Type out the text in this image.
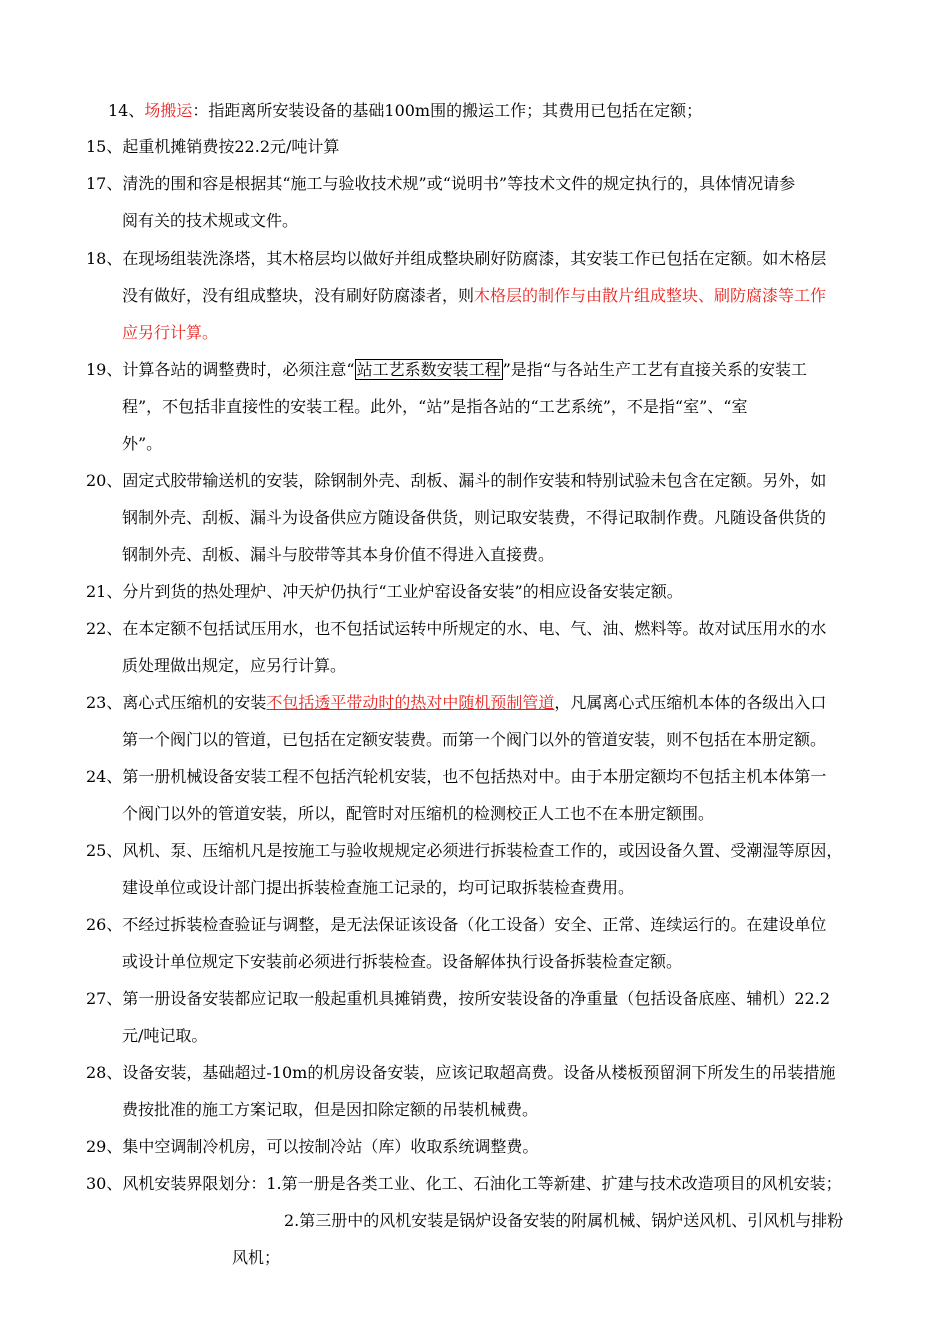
14、场搬运：指距离所安装设备的基础100m围的搬运工作；其费用已包括在定额；
15、起重机摊销费按22.2元/吨计算
17、清洗的围和容是根据其“施工与验收技术规”或“说明书”等技术文件的规定执行的，具体情况请参
阅有关的技术规或文件。
18、在现场组装洗涤塔，其木格层均以做好并组成整块刷好防腐漆，其安装工作已包括在定额。如木格层
没有做好，没有组成整块，没有刷好防腐漆者，则木格层的制作与由散片组成整块、刷防腐漆等工作
应另行计算。
19、计算各站的调整费时，必须注意“ 站工艺系数安装工程 ”是指“与各站生产工艺有直接关系的安装工
程”，不包括非直接性的安装工程。此外，“站”是指各站的“工艺系统”，不是指“室”、“室
外”。
20、固定式胶带输送机的安装，除钢制外壳、刮板、漏斗的制作安装和特别试验未包含在定额。另外，如
钢制外壳、刮板、漏斗为设备供应方随设备供货，则记取安装费，不得记取制作费。凡随设备供货的
钢制外壳、刮板、漏斗与胶带等其本身价值不得进入直接费。
21、分片到货的热处理炉、冲天炉仍执行“工业炉窑设备安装”的相应设备安装定额。
22、在本定额不包括试压用水，也不包括试运转中所规定的水、电、气、油、燃料等。故对试压用水的水
质处理做出规定，应另行计算。
23、离心式压缩机的安装不包括透平带动时的热对中随机预制管道，凡属离心式压缩机本体的各级出入口
第一个阀门以的管道，已包括在定额安装费。而第一个阀门以外的管道安装，则不包括在本册定额。
24、第一册机械设备安装工程不包括汽轮机安装，也不包括热对中。由于本册定额均不包括主机本体第一
个阀门以外的管道安装，所以，配管时对压缩机的检测校正人工也不在本册定额围。
25、风机、泵、压缩机凡是按施工与验收规规定必须进行拆装检查工作的，或因设备久置、受潮湿等原因，
建设单位或设计部门提出拆装检查施工记录的，均可记取拆装检查费用。
26、不经过拆装检查验证与调整，是无法保证该设备（化工设备）安全、正常、连续运行的。在建设单位
或设计单位规定下安装前必须进行拆装检查。设备解体执行设备拆装检查定额。
27、第一册设备安装都应记取一般起重机具摊销费，按所安装设备的净重量（包括设备底座、辅机）22.2
元/吨记取。
28、设备安装，基础超过-10m的机房设备安装，应该记取超高费。设备从楼板预留洞下所发生的吊装措施
费按批准的施工方案记取，但是因扣除定额的吊装机械费。
29、集中空调制冷机房，可以按制冷站（库）收取系统调整费。
30、风机安装界限划分：1.第一册是各类工业、化工、石油化工等新建、扩建与技术改造项目的风机安装；
2.第三册中的风机安装是锅炉设备安装的附属机械、锅炉送风机、引风机与排粉
风机；
